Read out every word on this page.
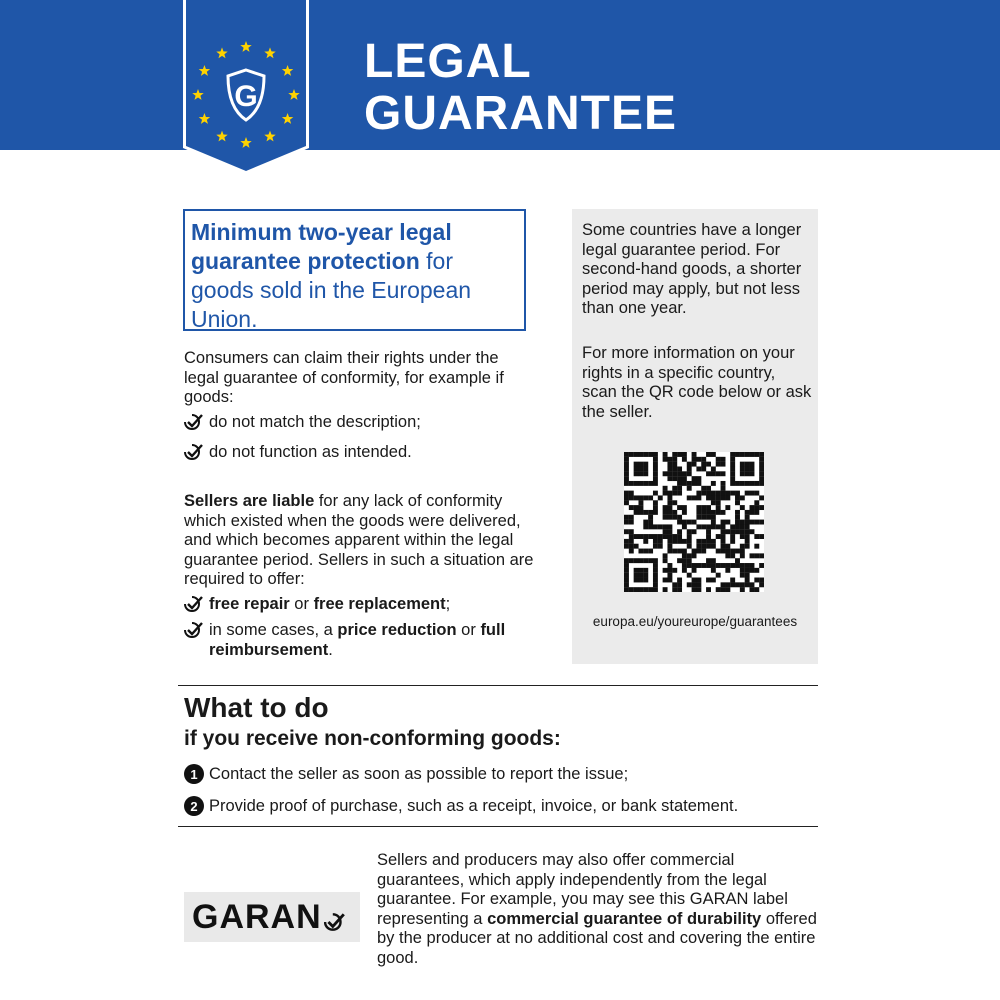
G
LEGAL
GUARANTEE
Minimum two-year legal guarantee protection for goods sold in the European Union.
Consumers can claim their rights under the legal guarantee of conformity, for example if goods:
do not match the description;
do not function as intended.
Sellers are liable for any lack of conformity which existed when the goods were delivered, and which becomes apparent within the legal guarantee period. Sellers in such a situation are required to offer:
free repair or free replacement;
in some cases, a price reduction or full reimbursement.
Some countries have a longer legal guarantee period. For second-hand goods, a shorter period may apply, but not less than one year.
For more information on your rights in a specific country, scan the QR code below or ask the seller.
europa.eu/youreurope/guarantees
What to do
if you receive non-conforming goods:
1 Contact the seller as soon as possible to report the issue;
2 Provide proof of purchase, such as a receipt, invoice, or bank statement.
GARAN
Sellers and producers may also offer commercial guarantees, which apply independently from the legal guarantee. For example, you may see this GARAN label representing a commercial guarantee of durability offered by the producer at no additional cost and covering the entire good.
